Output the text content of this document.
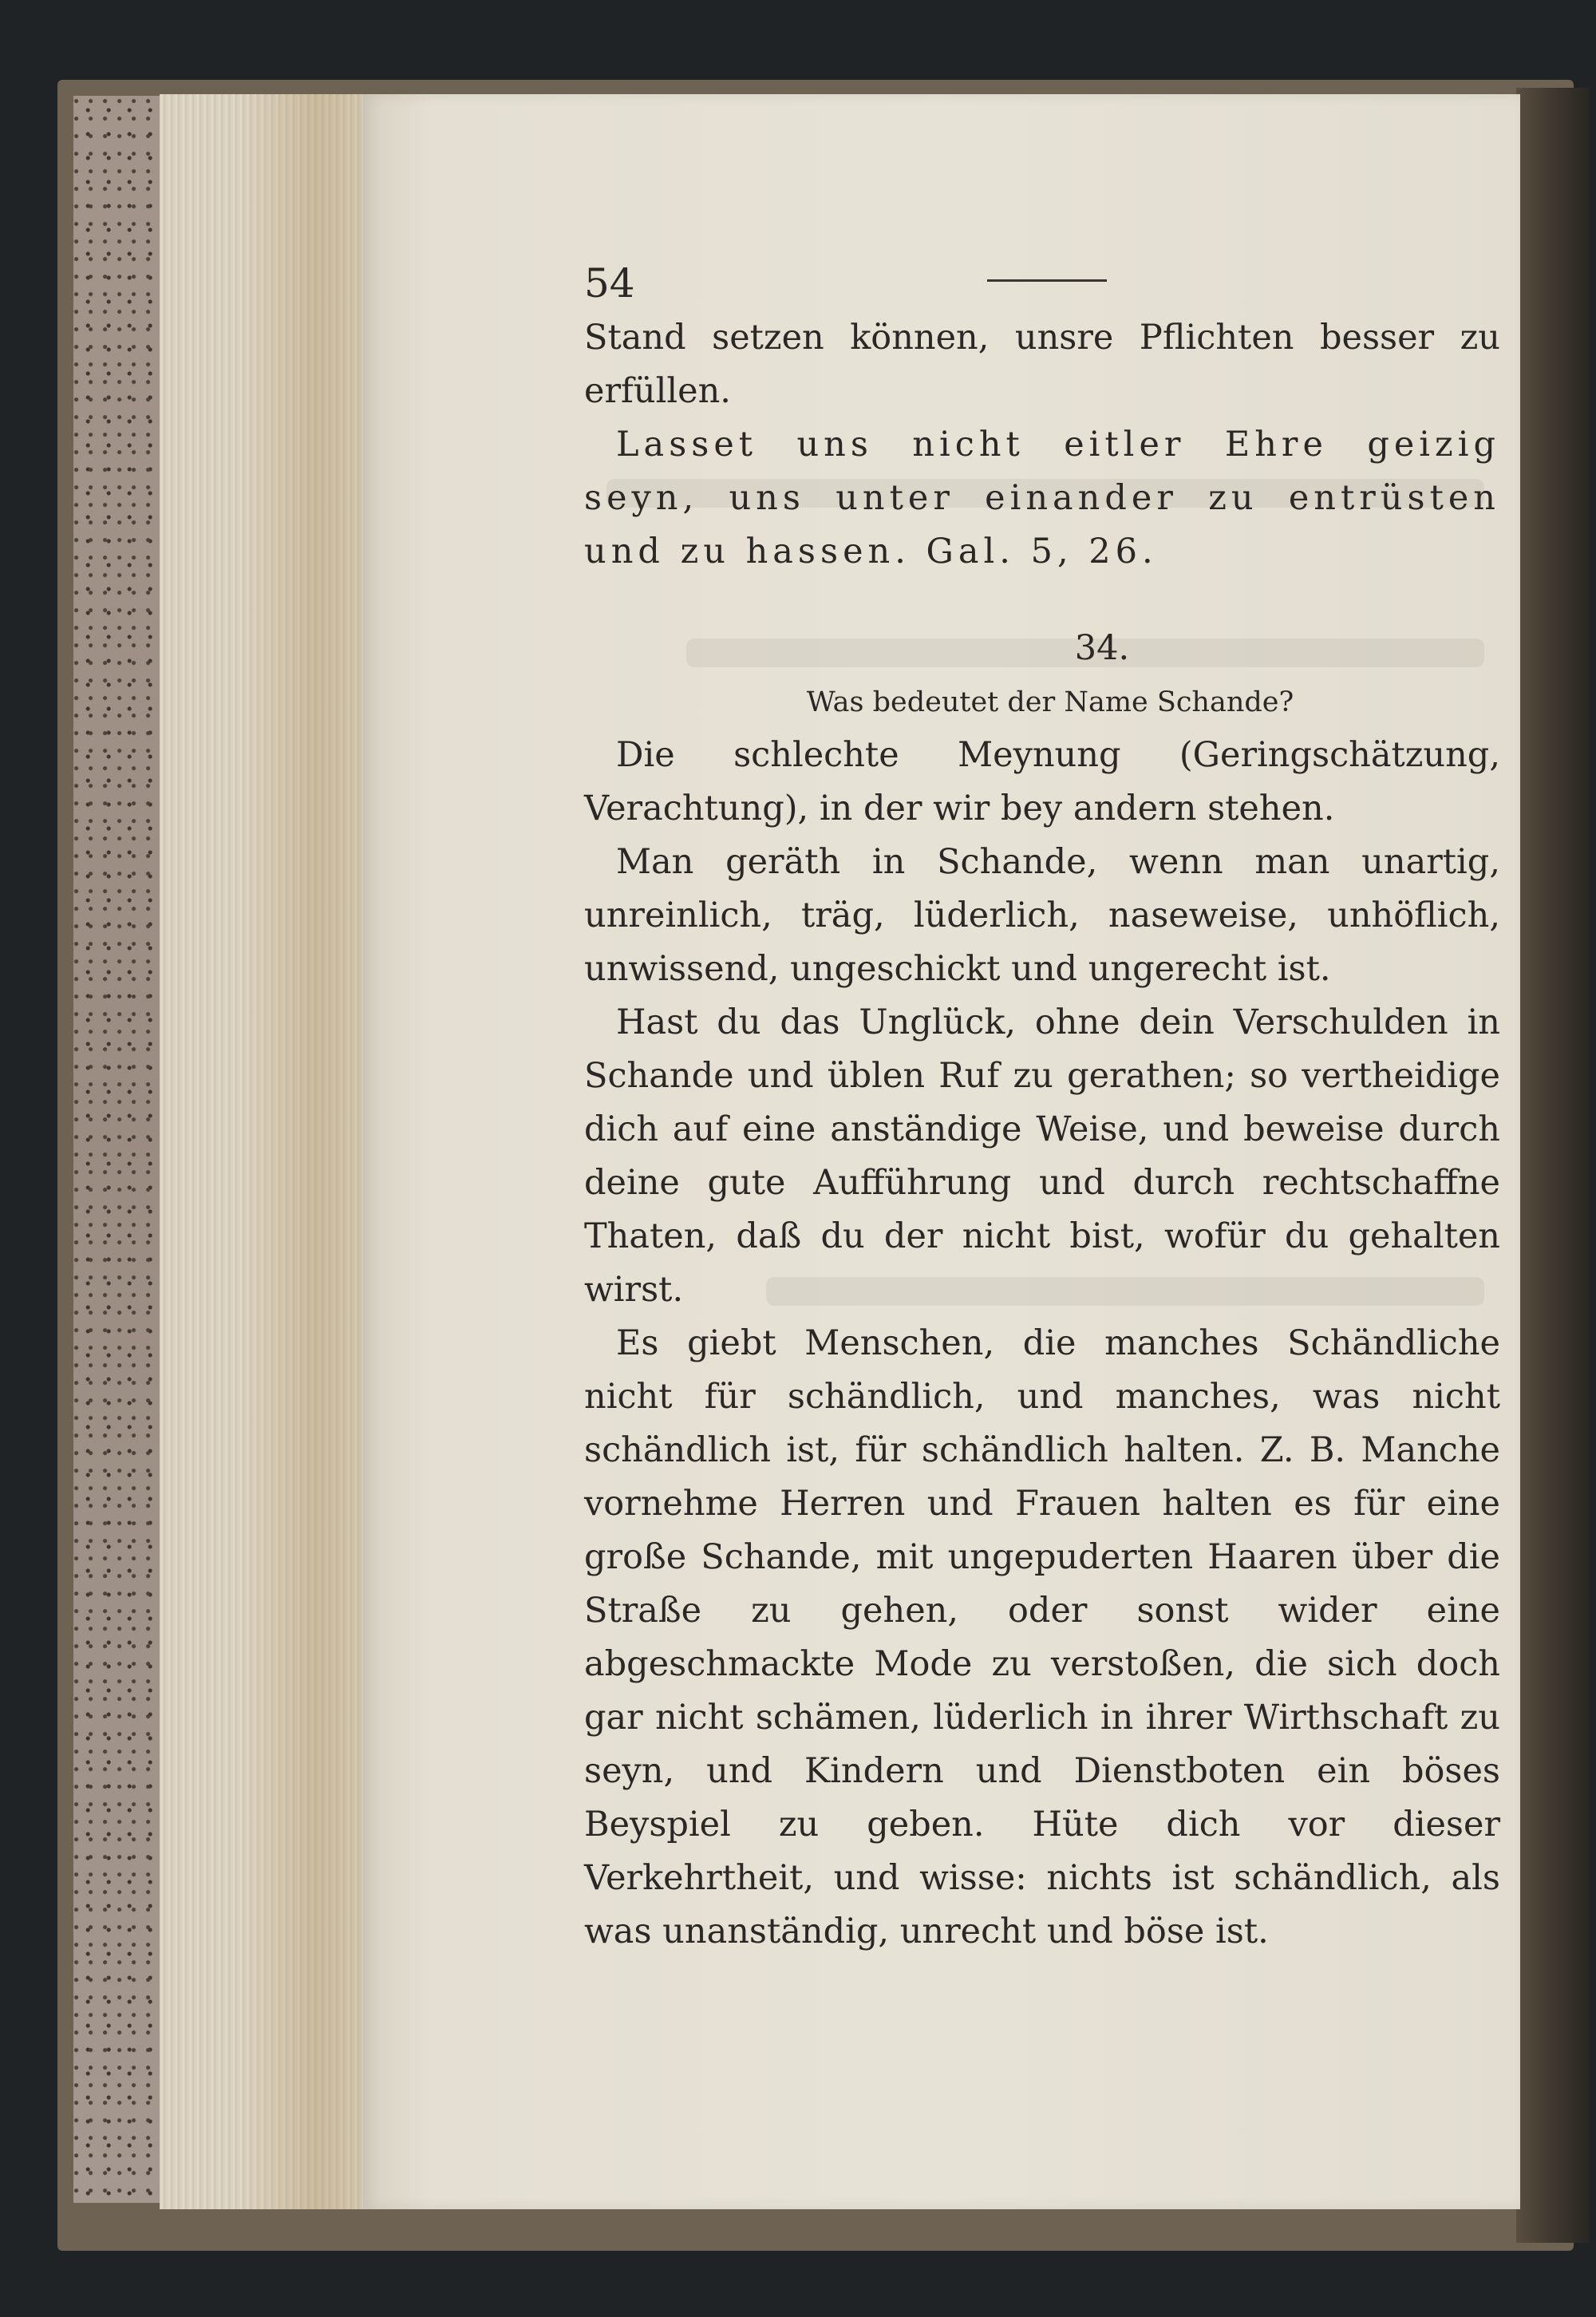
54

Stand setzen können, unsre Pflichten besser zu erfüllen.

Lasset uns nicht eitler Ehre geizig seyn, uns unter einander zu entrüsten und zu hassen. Gal. 5, 26.

34.

Was bedeutet der Name Schande?

Die schlechte Meynung (Geringschätzung, Verachtung), in der wir bey andern stehen.

Man geräth in Schande, wenn man unartig, unreinlich, träg, lüderlich, naseweise, unhöflich, unwissend, ungeschickt und ungerecht ist.

Hast du das Unglück, ohne dein Verschulden in Schande und üblen Ruf zu gerathen; so vertheidige dich auf eine anständige Weise, und beweise durch deine gute Aufführung und durch rechtschaffne Thaten, daß du der nicht bist, wofür du gehalten wirst.

Es giebt Menschen, die manches Schändliche nicht für schändlich, und manches, was nicht schändlich ist, für schändlich halten. Z. B. Manche vornehme Herren und Frauen halten es für eine große Schande, mit ungepuderten Haaren über die Straße zu gehen, oder sonst wider eine abgeschmackte Mode zu verstoßen, die sich doch gar nicht schämen, lüderlich in ihrer Wirthschaft zu seyn, und Kindern und Dienstboten ein böses Beyspiel zu geben. Hüte dich vor dieser Verkehrtheit, und wisse: nichts ist schändlich, als was unanständig, unrecht und böse ist.
